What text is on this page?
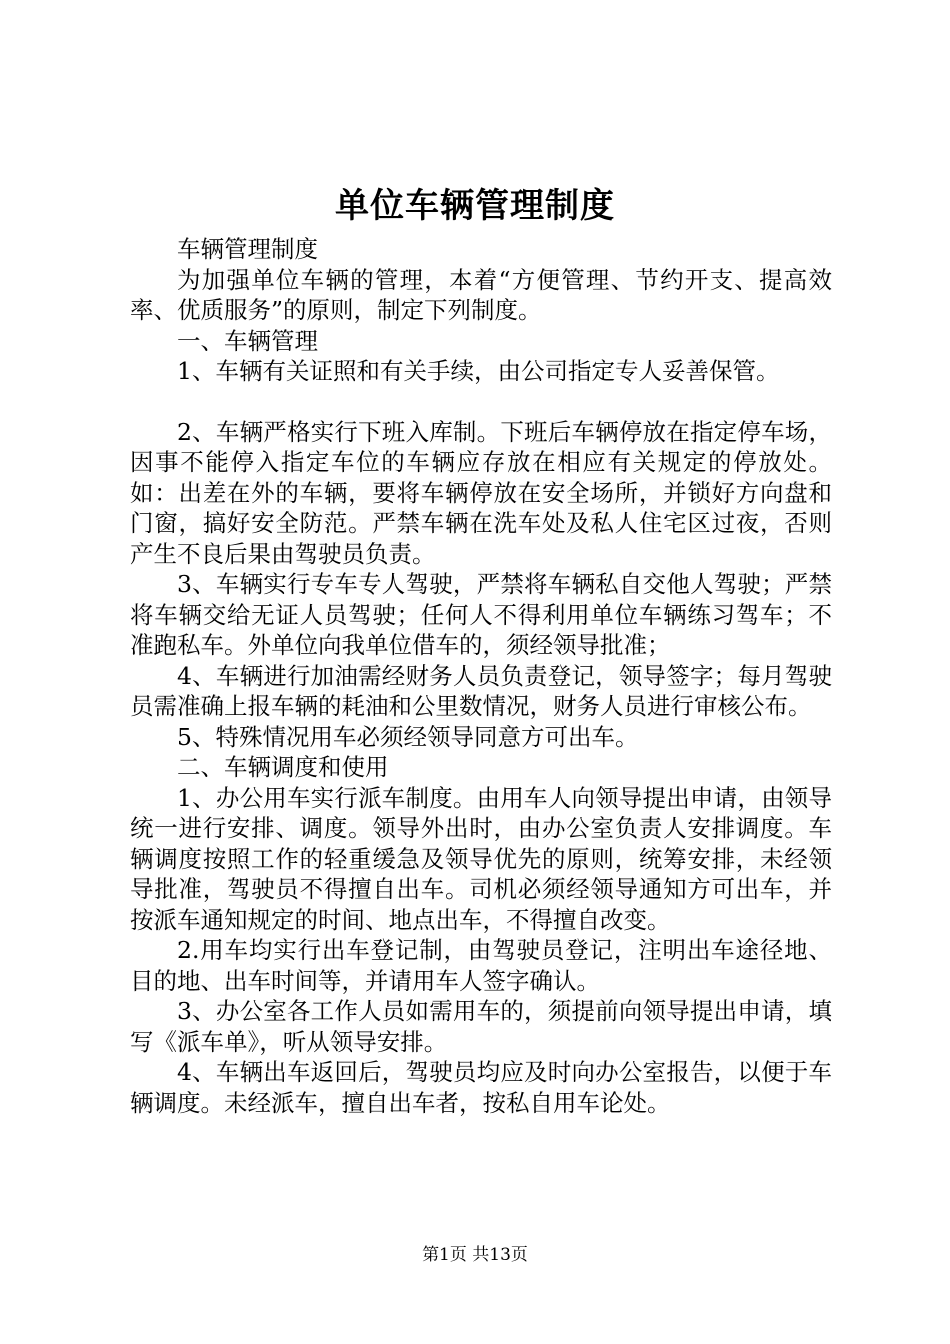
单位车辆管理制度

车辆管理制度

为加强单位车辆的管理，本着“方便管理、节约开支、提高效率、优质服务”的原则，制定下列制度。

一、车辆管理

1、车辆有关证照和有关手续，由公司指定专人妥善保管。

2、车辆严格实行下班入库制。下班后车辆停放在指定停车场，因事不能停入指定车位的车辆应存放在相应有关规定的停放处。如：出差在外的车辆，要将车辆停放在安全场所，并锁好方向盘和门窗，搞好安全防范。严禁车辆在洗车处及私人住宅区过夜，否则产生不良后果由驾驶员负责。

3、车辆实行专车专人驾驶，严禁将车辆私自交他人驾驶；严禁将车辆交给无证人员驾驶；任何人不得利用单位车辆练习驾车；不准跑私车。外单位向我单位借车的，须经领导批准；

4、车辆进行加油需经财务人员负责登记，领导签字；每月驾驶员需准确上报车辆的耗油和公里数情况，财务人员进行审核公布。

5、特殊情况用车必须经领导同意方可出车。

二、车辆调度和使用

1、办公用车实行派车制度。由用车人向领导提出申请，由领导统一进行安排、调度。领导外出时，由办公室负责人安排调度。车辆调度按照工作的轻重缓急及领导优先的原则，统筹安排，未经领导批准，驾驶员不得擅自出车。司机必须经领导通知方可出车，并按派车通知规定的时间、地点出车，不得擅自改变。

2.用车均实行出车登记制，由驾驶员登记，注明出车途径地、目的地、出车时间等，并请用车人签字确认。

3、办公室各工作人员如需用车的，须提前向领导提出申请，填写《派车单》，听从领导安排。

4、车辆出车返回后，驾驶员均应及时向办公室报告，以便于车辆调度。未经派车，擅自出车者，按私自用车论处。

第1页 共13页
